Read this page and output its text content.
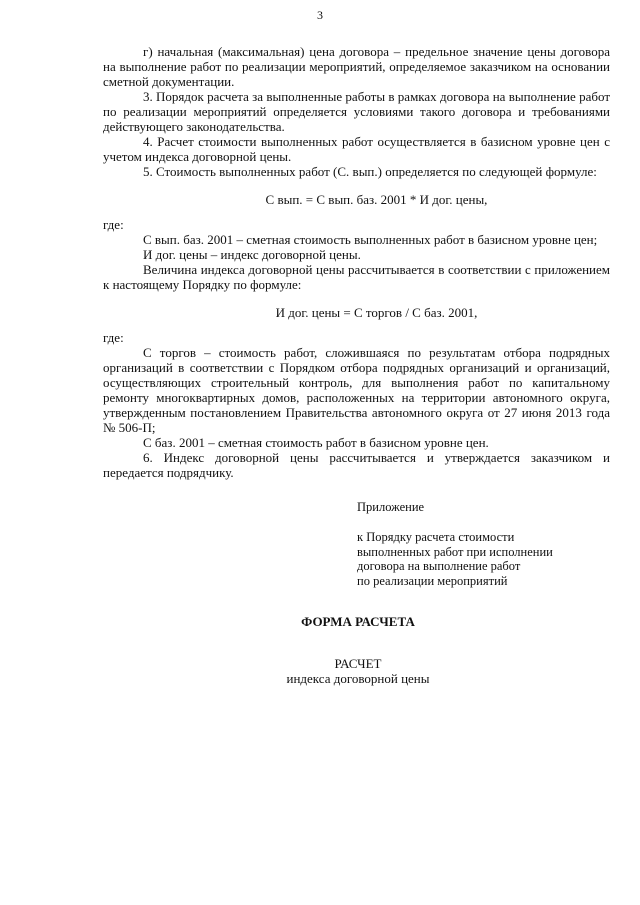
3

г) начальная (максимальная) цена договора – предельное значение цены договора на выполнение работ по реализации мероприятий, определяемое заказчиком на основании сметной документации.

3. Порядок расчета за выполненные работы в рамках договора на выполнение работ по реализации мероприятий определяется условиями такого договора и требованиями действующего законодательства.

4. Расчет стоимости выполненных работ осуществляется в базисном уровне цен с учетом индекса договорной цены.

5. Стоимость выполненных работ (С. вып.) определяется по следующей формуле:

С вып. = С вып. баз. 2001 * И дог. цены,

где:

С вып. баз. 2001 – сметная стоимость выполненных работ в базисном уровне цен;

И дог. цены – индекс договорной цены.

Величина индекса договорной цены рассчитывается в соответствии с приложением к настоящему Порядку по формуле:

И дог. цены = С торгов / С баз. 2001,

где:

С торгов – стоимость работ, сложившаяся по результатам отбора подрядных организаций в соответствии с Порядком отбора подрядных организаций и организаций, осуществляющих строительный контроль, для выполнения работ по капитальному ремонту многоквартирных домов, расположенных на территории автономного округа, утвержденным постановлением Правительства автономного округа от 27 июня 2013 года № 506-П;

С баз. 2001 – сметная стоимость работ в базисном уровне цен.

6. Индекс договорной цены рассчитывается и утверждается заказчиком и передается подрядчику.

Приложение
к Порядку расчета стоимости
выполненных работ при исполнении
договора на выполнение работ
по реализации мероприятий
ФОРМА РАСЧЕТА
РАСЧЕТ
индекса договорной цены
